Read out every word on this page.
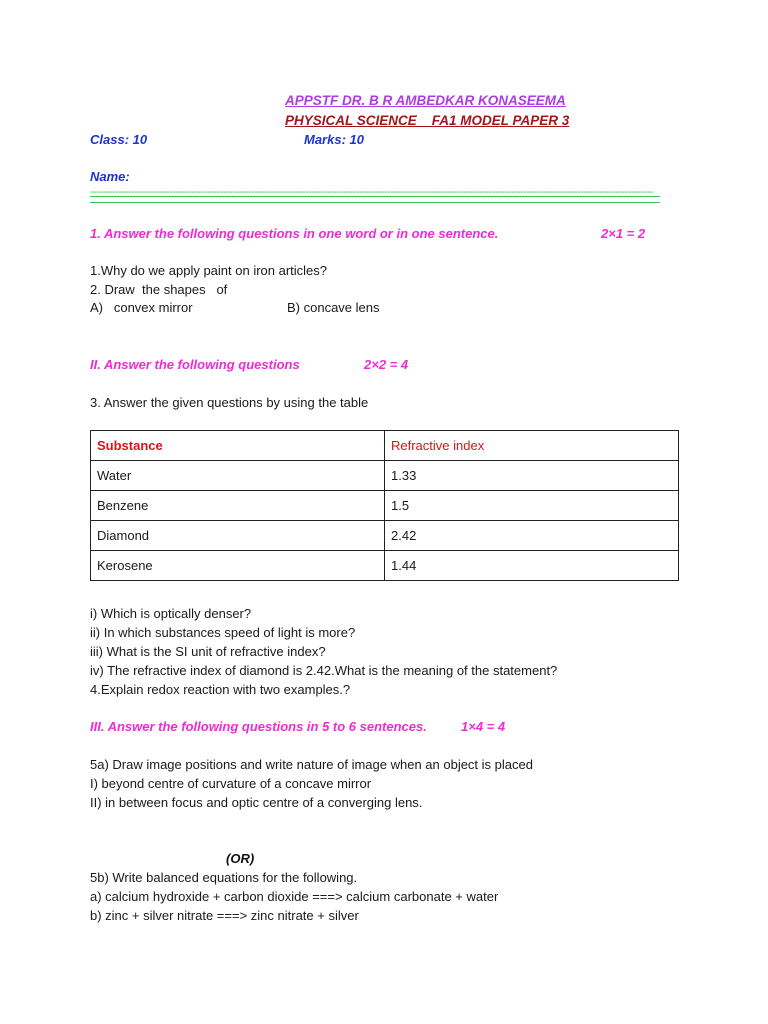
APPSTF DR. B R AMBEDKAR KONASEEMA
PHYSICAL SCIENCE    FA1 MODEL PAPER 3
Class: 10	Marks: 10
Name:
----------------------------------------------------------------------------------------------------------------------------------------------------------------------------------
1. Answer the following questions in one word or in one sentence.	2×1 = 2
1.Why do we apply paint on iron articles?
2. Draw  the shapes   of
A)   convex mirror	B) concave lens
II. Answer the following questions	2×2 = 4
3. Answer the given questions by using the table
Substance	Refractive index
Water	1.33
Benzene	1.5
Diamond	2.42
Kerosene	1.44
i) Which is optically denser?
ii) In which substances speed of light is more?
iii) What is the SI unit of refractive index?
iv) The refractive index of diamond is 2.42.What is the meaning of the statement?
4.Explain redox reaction with two examples.?
III. Answer the following questions in 5 to 6 sentences.	1×4 = 4
5a) Draw image positions and write nature of image when an object is placed
I) beyond centre of curvature of a concave mirror
II) in between focus and optic centre of a converging lens.
(OR)
5b) Write balanced equations for the following.
a) calcium hydroxide + carbon dioxide ===> calcium carbonate + water
b) zinc + silver nitrate ===> zinc nitrate + silver
